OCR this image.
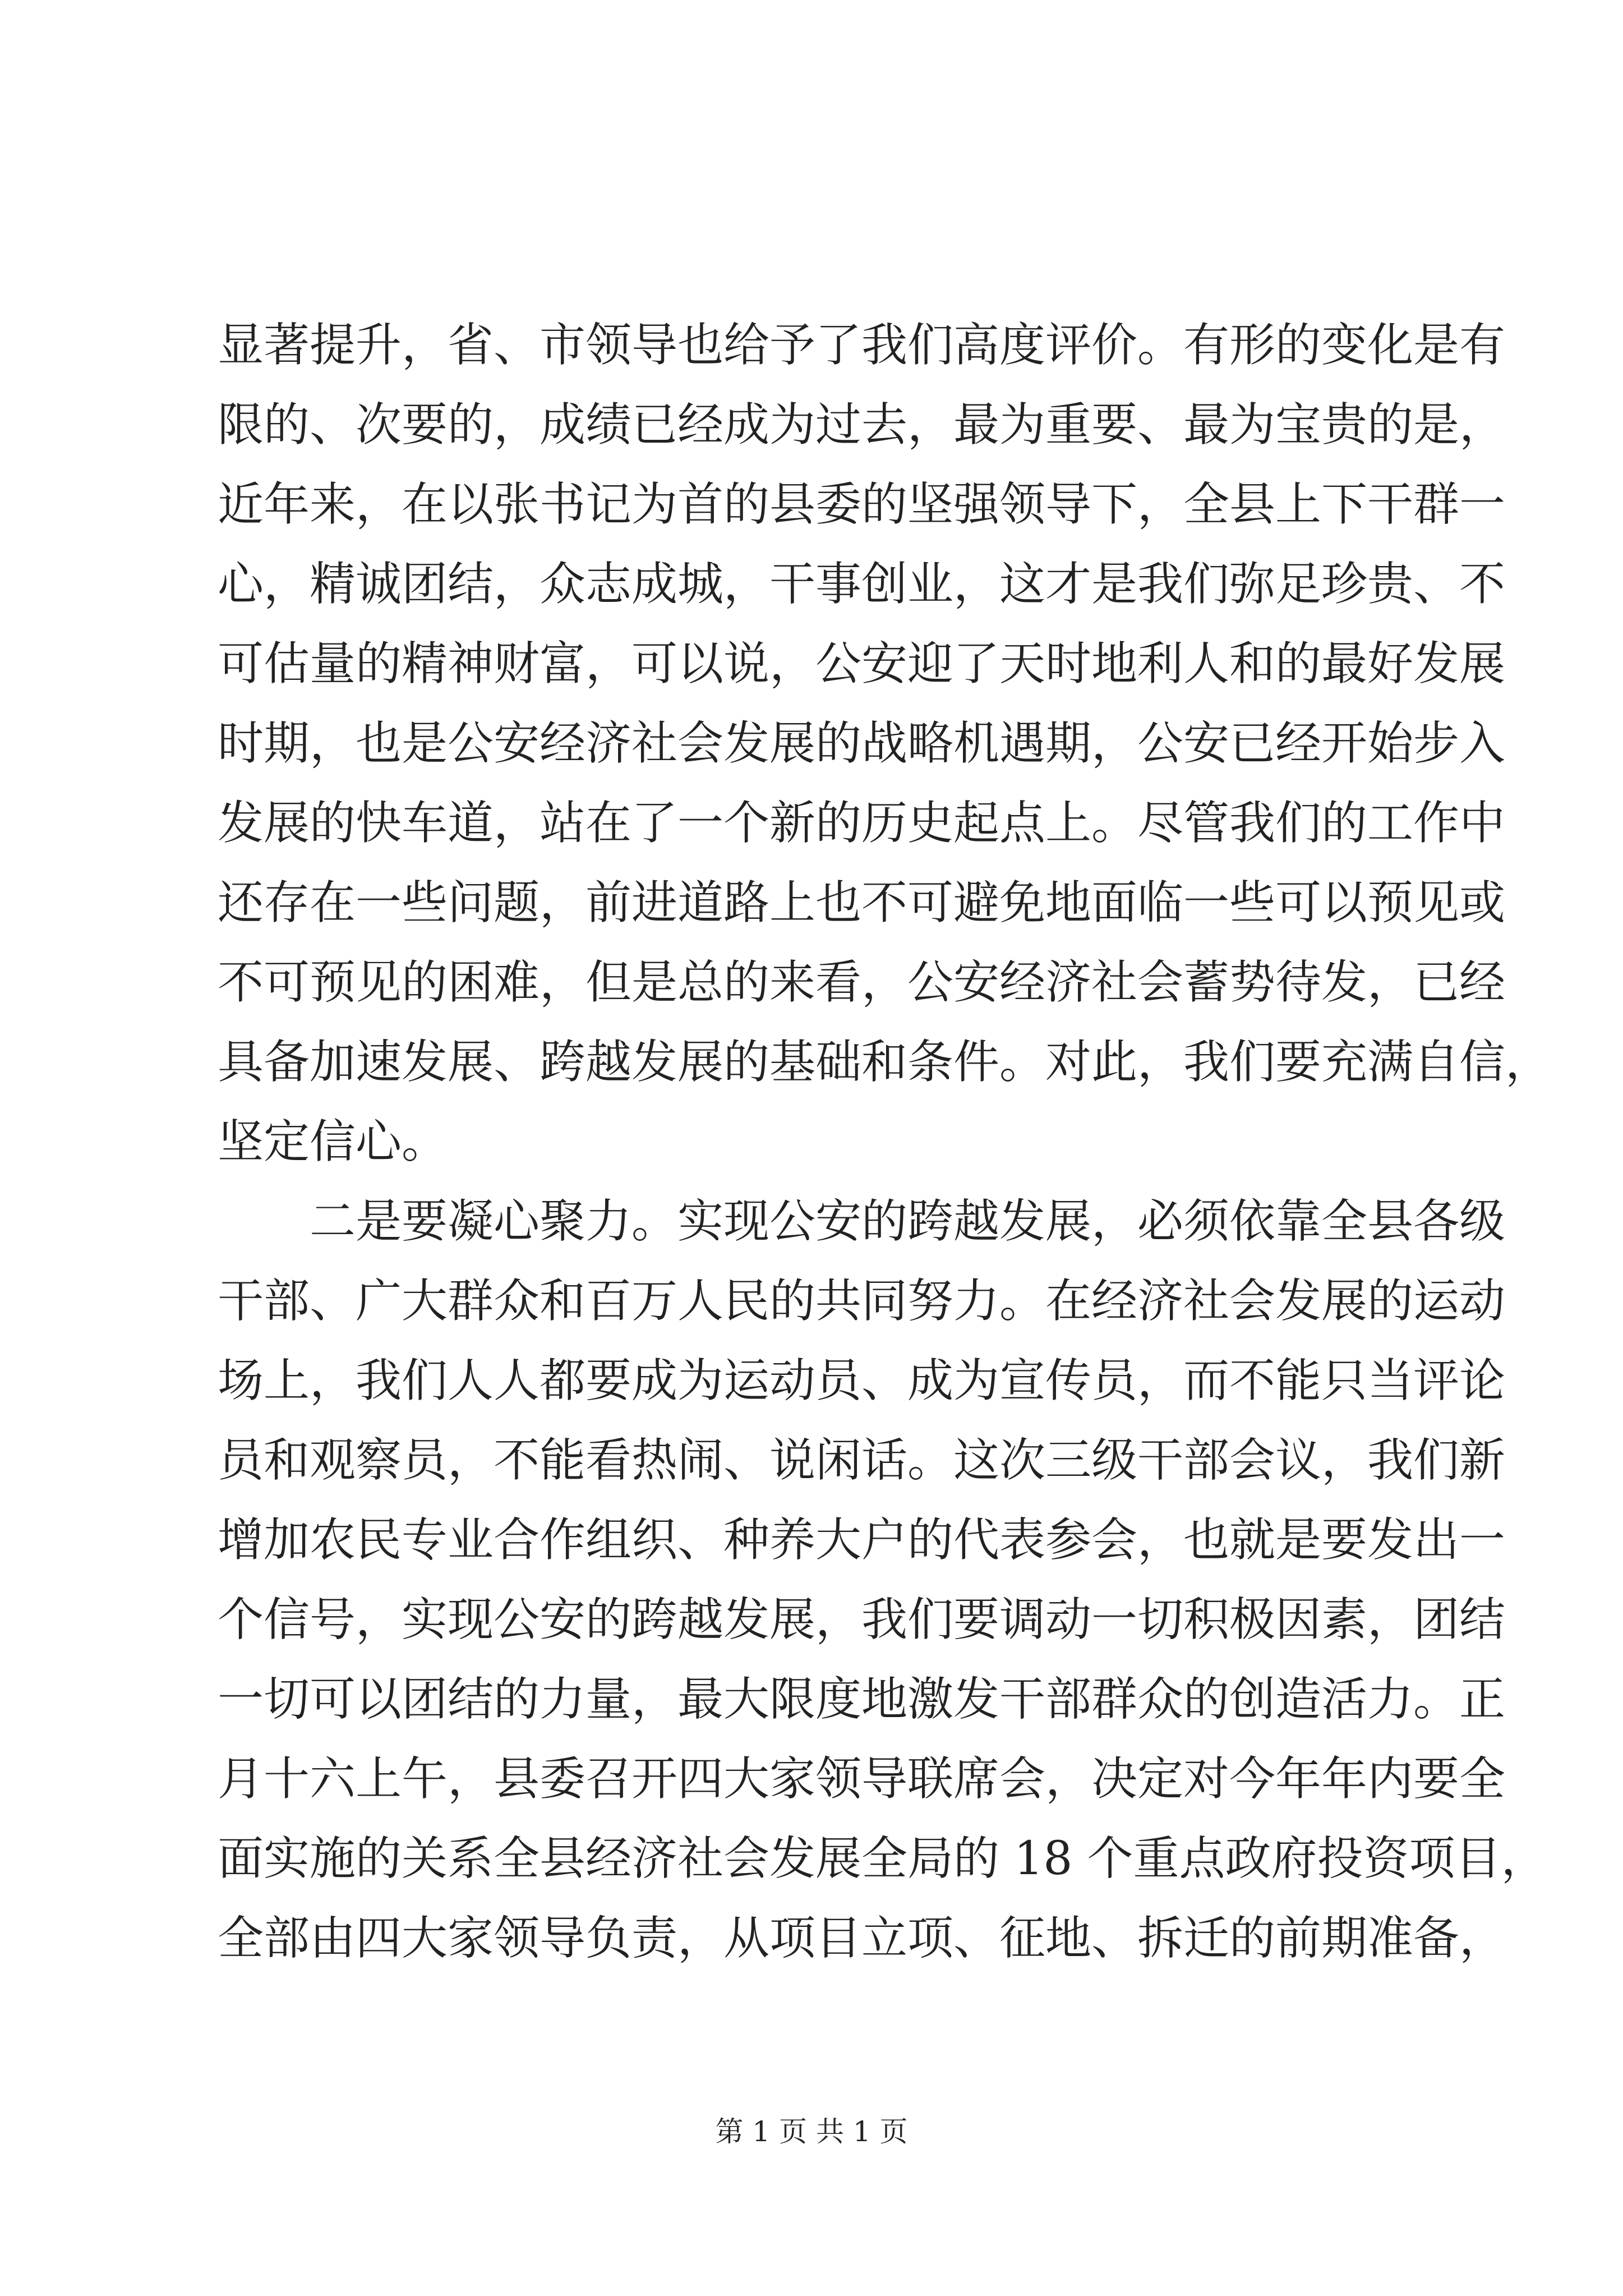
显著提升，省、市领导也给予了我们高度评价。有形的变化是有
限的、次要的，成绩已经成为过去，最为重要、最为宝贵的是，
近年来，在以张书记为首的县委的坚强领导下，全县上下干群一
心，精诚团结，众志成城，干事创业，这才是我们弥足珍贵、不
可估量的精神财富，可以说，公安迎了天时地利人和的最好发展
时期，也是公安经济社会发展的战略机遇期，公安已经开始步入
发展的快车道，站在了一个新的历史起点上。尽管我们的工作中
还存在一些问题，前进道路上也不可避免地面临一些可以预见或
不可预见的困难，但是总的来看，公安经济社会蓄势待发，已经
具备加速发展、跨越发展的基础和条件。对此，我们要充满自信，
坚定信心。
　　二是要凝心聚力。实现公安的跨越发展，必须依靠全县各级
干部、广大群众和百万人民的共同努力。在经济社会发展的运动
场上，我们人人都要成为运动员、成为宣传员，而不能只当评论
员和观察员，不能看热闹、说闲话。这次三级干部会议，我们新
增加农民专业合作组织、种养大户的代表参会，也就是要发出一
个信号，实现公安的跨越发展，我们要调动一切积极因素，团结
一切可以团结的力量，最大限度地激发干部群众的创造活力。正
月十六上午，县委召开四大家领导联席会，决定对今年年内要全
面实施的关系全县经济社会发展全局的 18 个重点政府投资项目，
全部由四大家领导负责，从项目立项、征地、拆迁的前期准备，
第 1 页 共 1 页
